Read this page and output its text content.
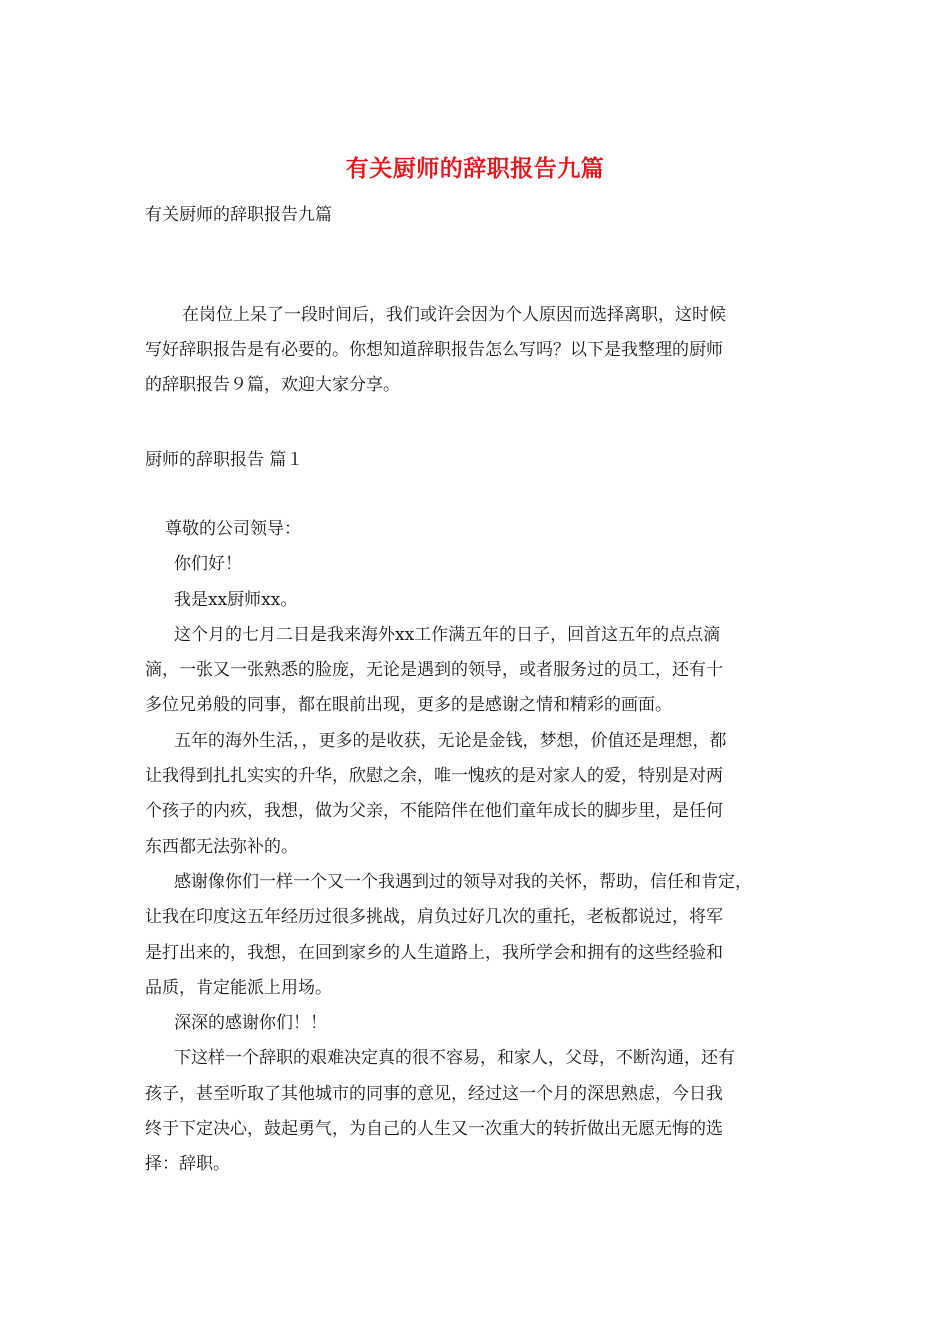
有关厨师的辞职报告九篇
有关厨师的辞职报告九篇
在岗位上呆了一段时间后，我们或许会因为个人原因而选择离职，这时候
写好辞职报告是有必要的。你想知道辞职报告怎么写吗？以下是我整理的厨师
的辞职报告９篇，欢迎大家分享。
厨师的辞职报告 篇１
尊敬的公司领导：
你们好！
我是xx厨师xx。
这个月的七月二日是我来海外xx工作满五年的日子，回首这五年的点点滴
滴，一张又一张熟悉的脸庞，无论是遇到的领导，或者服务过的员工，还有十
多位兄弟般的同事，都在眼前出现，更多的是感谢之情和精彩的画面。
五年的海外生活，，更多的是收获，无论是金钱，梦想，价值还是理想，都
让我得到扎扎实实的升华，欣慰之余，唯一愧疚的是对家人的爱，特别是对两
个孩子的内疚，我想，做为父亲，不能陪伴在他们童年成长的脚步里，是任何
东西都无法弥补的。
感谢像你们一样一个又一个我遇到过的领导对我的关怀，帮助，信任和肯定，
让我在印度这五年经历过很多挑战，肩负过好几次的重托，老板都说过，将军
是打出来的，我想，在回到家乡的人生道路上，我所学会和拥有的这些经验和
品质，肯定能派上用场。
深深的感谢你们！！
下这样一个辞职的艰难决定真的很不容易，和家人，父母，不断沟通，还有
孩子，甚至听取了其他城市的同事的意见，经过这一个月的深思熟虑，今日我
终于下定决心，鼓起勇气，为自己的人生又一次重大的转折做出无愿无悔的选
择：辞职。
